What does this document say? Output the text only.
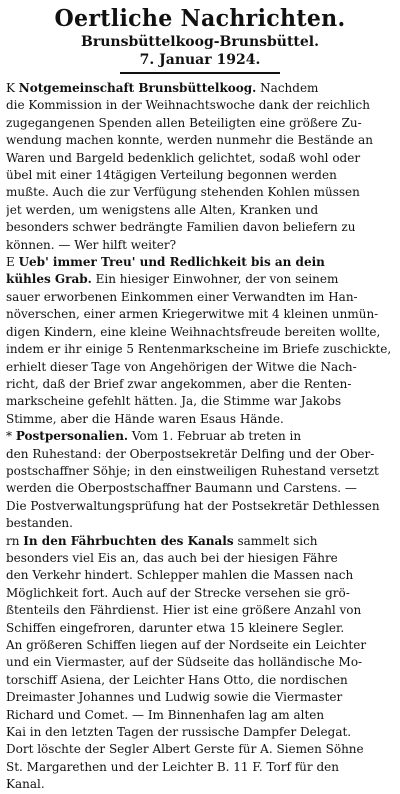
Oertliche Nachrichten.
Brunsbüttelkoog-Brunsbüttel.
7. Januar 1924.
K Notgemeinschaft Brunsbüttelkoog. Nachdem
die Kommission in der Weihnachtswoche dank der reichlich
zugegangenen Spenden allen Beteiligten eine größere Zu-
wendung machen konnte, werden nunmehr die Bestände an
Waren und Bargeld bedenklich gelichtet, sodaß wohl oder
übel mit einer 14tägigen Verteilung begonnen werden
mußte. Auch die zur Verfügung stehenden Kohlen müssen
jet werden, um wenigstens alle Alten, Kranken und
besonders schwer bedrängte Familien davon beliefern zu
können. — Wer hilft weiter?
E Ueb' immer Treu' und Redlichkeit bis an dein
kühles Grab. Ein hiesiger Einwohner, der von seinem
sauer erworbenen Einkommen einer Verwandten im Han-
növerschen, einer armen Kriegerwitwe mit 4 kleinen unmün-
digen Kindern, eine kleine Weihnachtsfreude bereiten wollte,
indem er ihr einige 5 Rentenmarkscheine im Briefe zuschickte,
erhielt dieser Tage von Angehörigen der Witwe die Nach-
richt, daß der Brief zwar angekommen, aber die Renten-
markscheine gefehlt hätten. Ja, die Stimme war Jakobs
Stimme, aber die Hände waren Esaus Hände.
* Postpersonalien. Vom 1. Februar ab treten in
den Ruhestand: der Oberpostsekretär Delfing und der Ober-
postschaffner Söhje; in den einstweiligen Ruhestand versetzt
werden die Oberpostschaffner Baumann und Carstens. —
Die Postverwaltungsprüfung hat der Postsekretär Dethlessen
bestanden.
rn In den Fährbuchten des Kanals sammelt sich
besonders viel Eis an, das auch bei der hiesigen Fähre
den Verkehr hindert. Schlepper mahlen die Massen nach
Möglichkeit fort. Auch auf der Strecke versehen sie grö-
ßtenteils den Fährdienst. Hier ist eine größere Anzahl von
Schiffen eingefroren, darunter etwa 15 kleinere Segler.
An größeren Schiffen liegen auf der Nordseite ein Leichter
und ein Viermaster, auf der Südseite das holländische Mo-
torschiff Asiena, der Leichter Hans Otto, die nordischen
Dreimaster Johannes und Ludwig sowie die Viermaster
Richard und Comet. — Im Binnenhafen lag am alten
Kai in den letzten Tagen der russische Dampfer Delegat.
Dort löschte der Segler Albert Gerste für A. Siemen Söhne
St. Margarethen und der Leichter B. 11 F. Torf für den
Kanal.
